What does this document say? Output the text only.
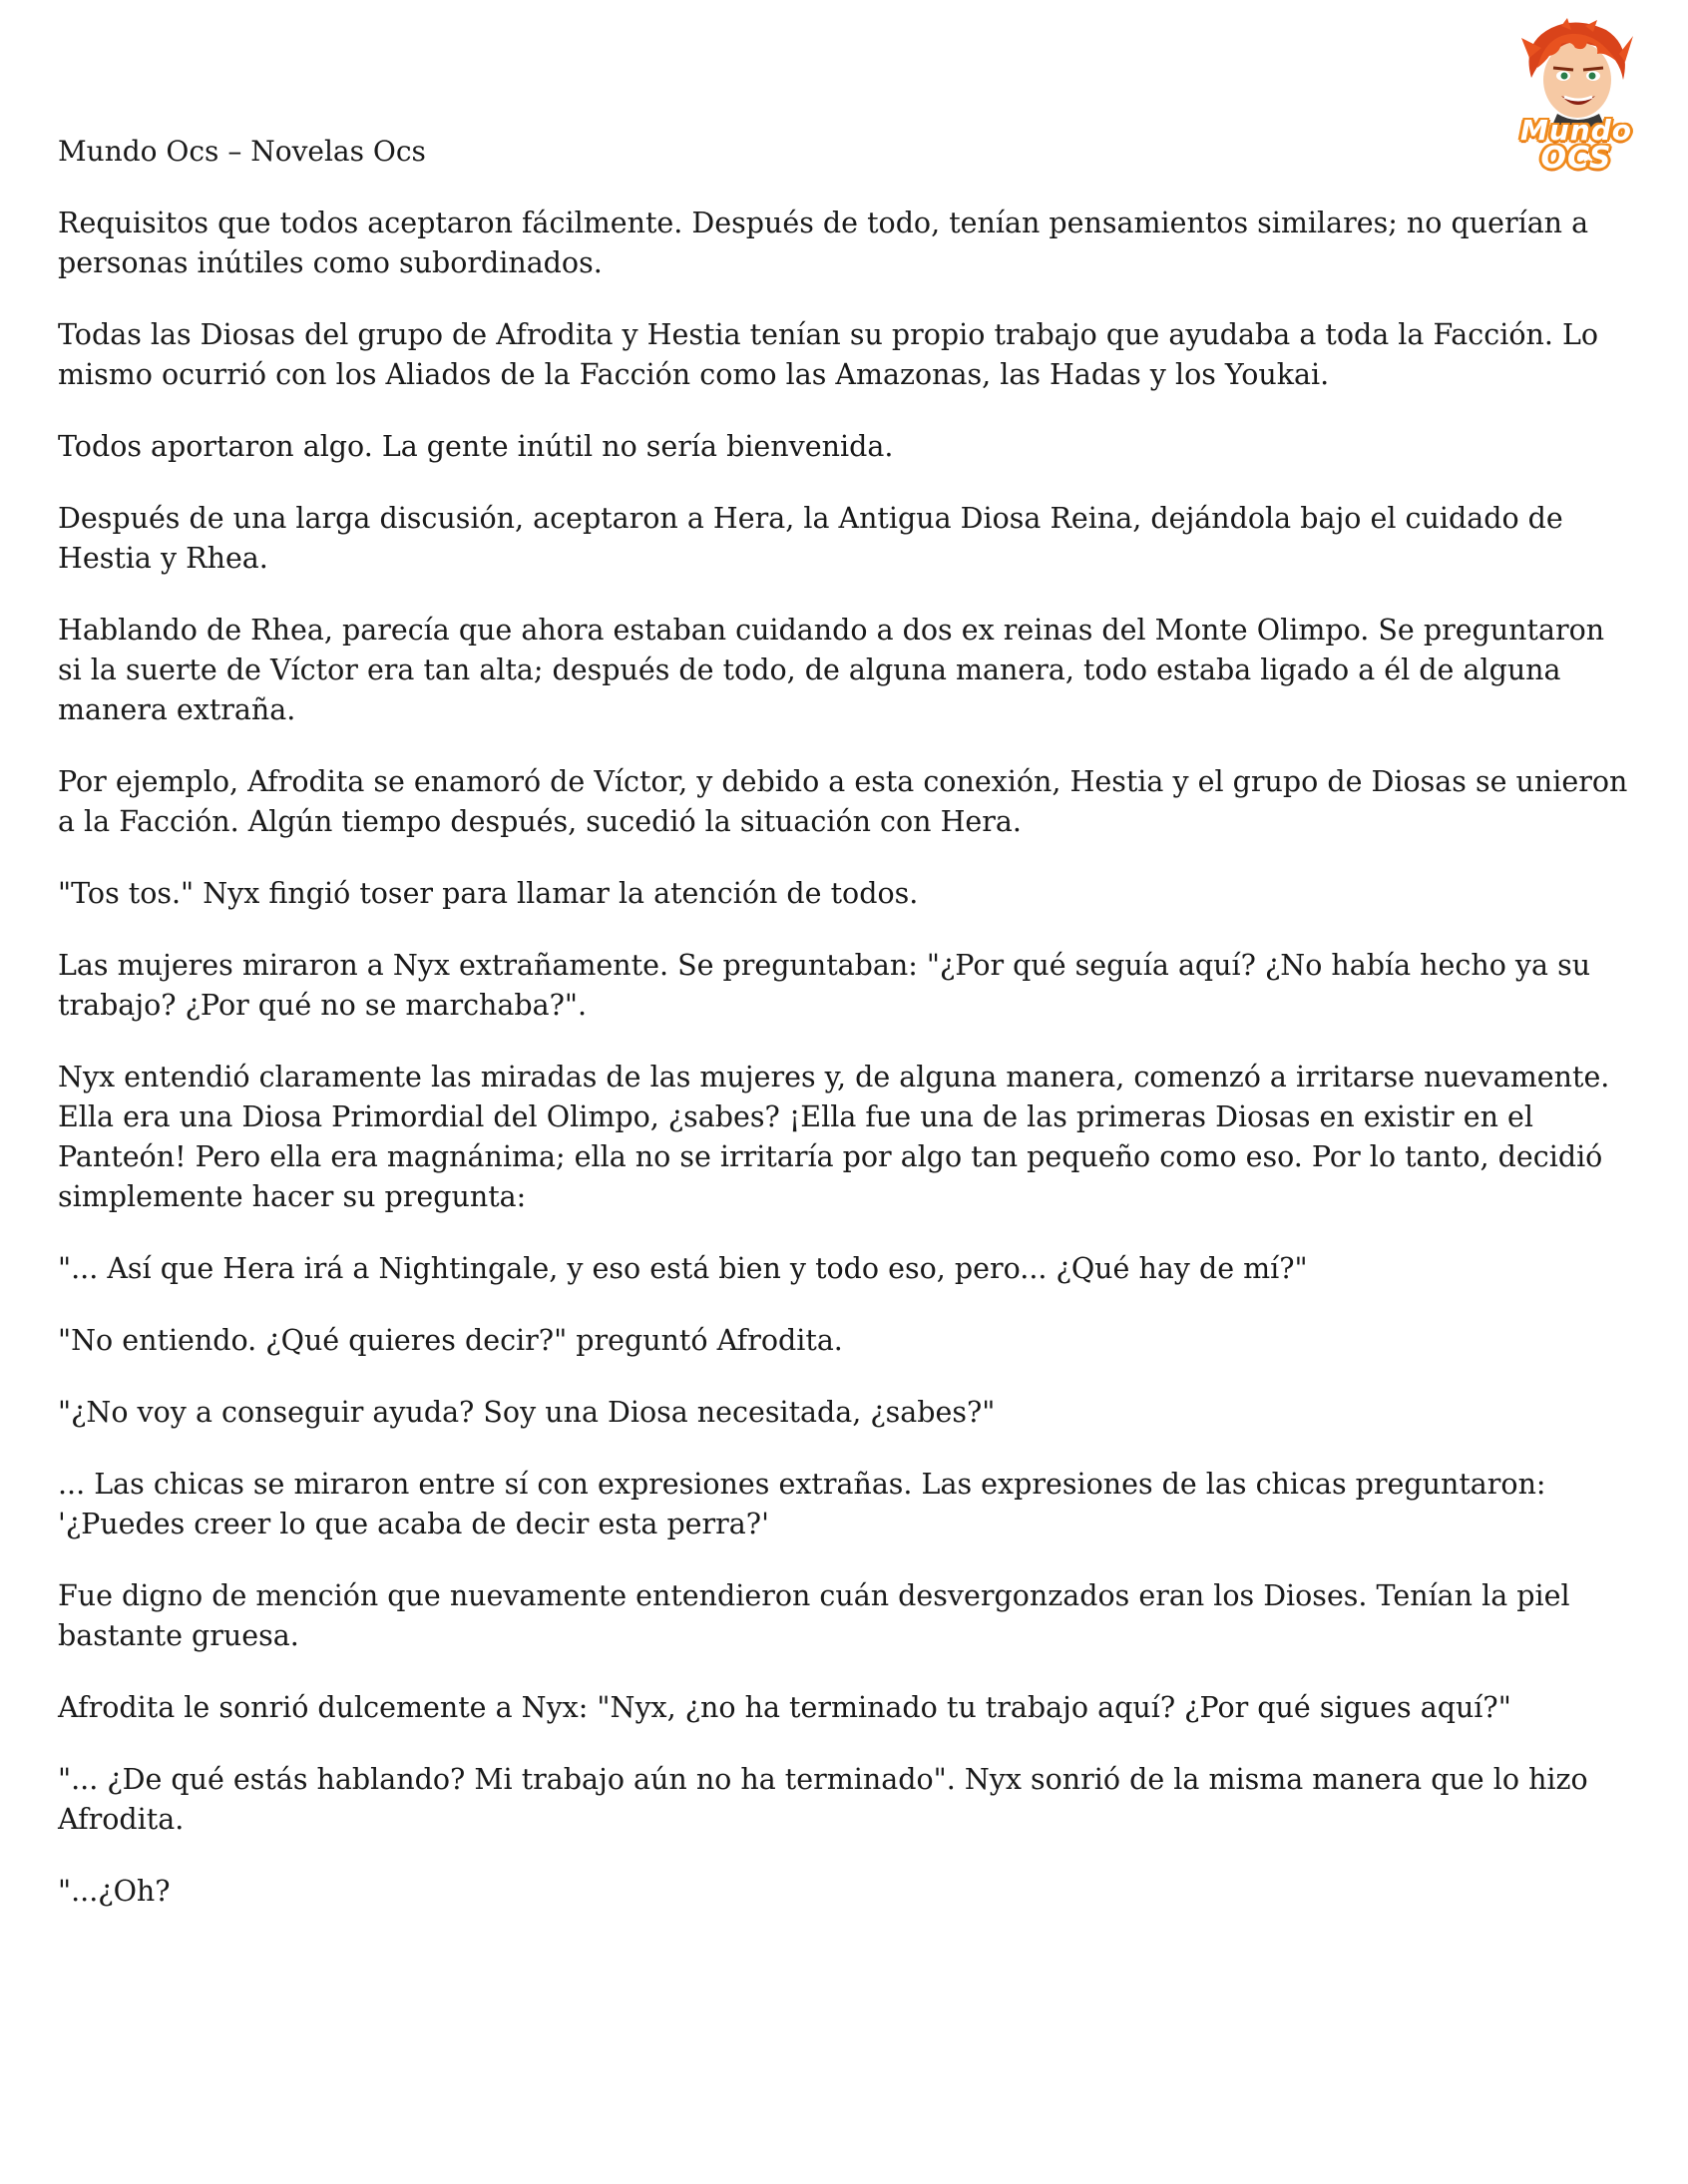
Mundo
OCS
Mundo Ocs – Novelas Ocs

Requisitos que todos aceptaron fácilmente. Después de todo, tenían pensamientos similares; no querían a personas inútiles como subordinados.

Todas las Diosas del grupo de Afrodita y Hestia tenían su propio trabajo que ayudaba a toda la Facción. Lo mismo ocurrió con los Aliados de la Facción como las Amazonas, las Hadas y los Youkai.

Todos aportaron algo. La gente inútil no sería bienvenida.

Después de una larga discusión, aceptaron a Hera, la Antigua Diosa Reina, dejándola bajo el cuidado de Hestia y Rhea.

Hablando de Rhea, parecía que ahora estaban cuidando a dos ex reinas del Monte Olimpo. Se preguntaron si la suerte de Víctor era tan alta; después de todo, de alguna manera, todo estaba ligado a él de alguna manera extraña.

Por ejemplo, Afrodita se enamoró de Víctor, y debido a esta conexión, Hestia y el grupo de Diosas se unieron a la Facción. Algún tiempo después, sucedió la situación con Hera.

"Tos tos." Nyx fingió toser para llamar la atención de todos.

Las mujeres miraron a Nyx extrañamente. Se preguntaban: "¿Por qué seguía aquí? ¿No había hecho ya su trabajo? ¿Por qué no se marchaba?".

Nyx entendió claramente las miradas de las mujeres y, de alguna manera, comenzó a irritarse nuevamente. Ella era una Diosa Primordial del Olimpo, ¿sabes? ¡Ella fue una de las primeras Diosas en existir en el Panteón! Pero ella era magnánima; ella no se irritaría por algo tan pequeño como eso. Por lo tanto, decidió simplemente hacer su pregunta:

"... Así que Hera irá a Nightingale, y eso está bien y todo eso, pero... ¿Qué hay de mí?"

"No entiendo. ¿Qué quieres decir?" preguntó Afrodita.

"¿No voy a conseguir ayuda? Soy una Diosa necesitada, ¿sabes?"

... Las chicas se miraron entre sí con expresiones extrañas. Las expresiones de las chicas preguntaron: '¿Puedes creer lo que acaba de decir esta perra?'

Fue digno de mención que nuevamente entendieron cuán desvergonzados eran los Dioses. Tenían la piel bastante gruesa.

Afrodita le sonrió dulcemente a Nyx: "Nyx, ¿no ha terminado tu trabajo aquí? ¿Por qué sigues aquí?"

"... ¿De qué estás hablando? Mi trabajo aún no ha terminado". Nyx sonrió de la misma manera que lo hizo Afrodita.

"...¿Oh?
